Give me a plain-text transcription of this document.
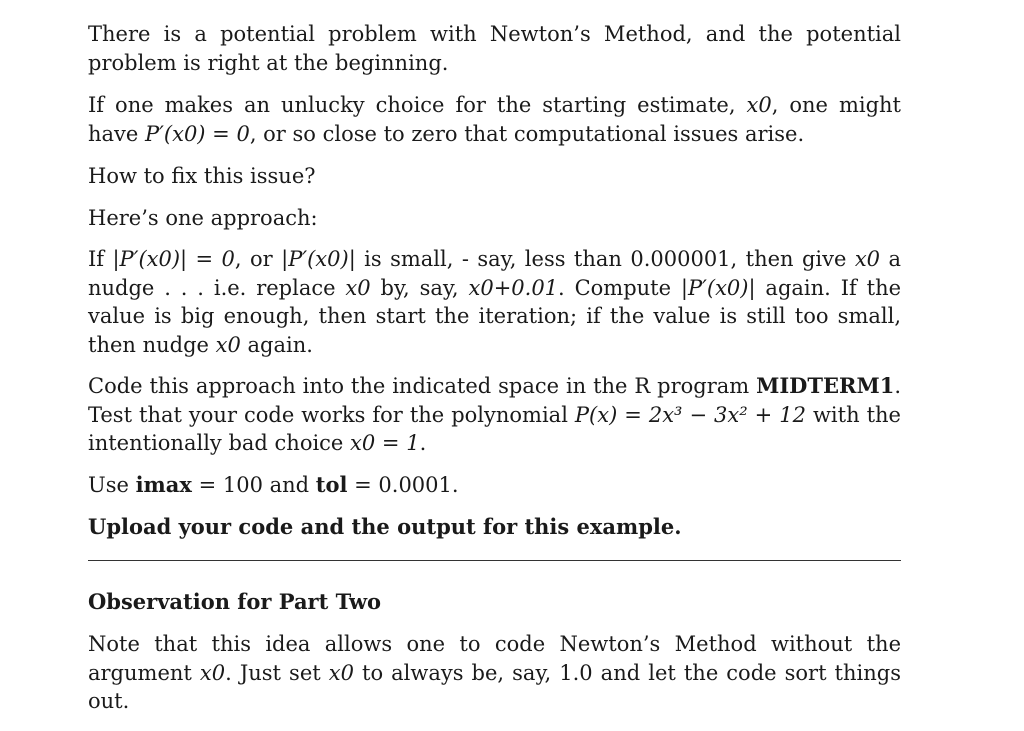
There is a potential problem with Newton’s Method, and the potential problem is right at the beginning.

If one makes an unlucky choice for the starting estimate, x0, one might have P′(x0) = 0, or so close to zero that computational issues arise.

How to fix this issue?

Here’s one approach:

If |P′(x0)| = 0, or |P′(x0)| is small, - say, less than 0.000001, then give x0 a nudge . . . i.e. replace x0 by, say, x0+0.01. Compute |P′(x0)| again. If the value is big enough, then start the iteration; if the value is still too small, then nudge x0 again.

Code this approach into the indicated space in the R program MIDTERM1. Test that your code works for the polynomial P(x) = 2x³ − 3x² + 12 with the intentionally bad choice x0 = 1.

Use imax = 100 and tol = 0.0001.

Upload your code and the output for this example.

Observation for Part Two

Note that this idea allows one to code Newton’s Method without the argument x0. Just set x0 to always be, say, 1.0 and let the code sort things out.
